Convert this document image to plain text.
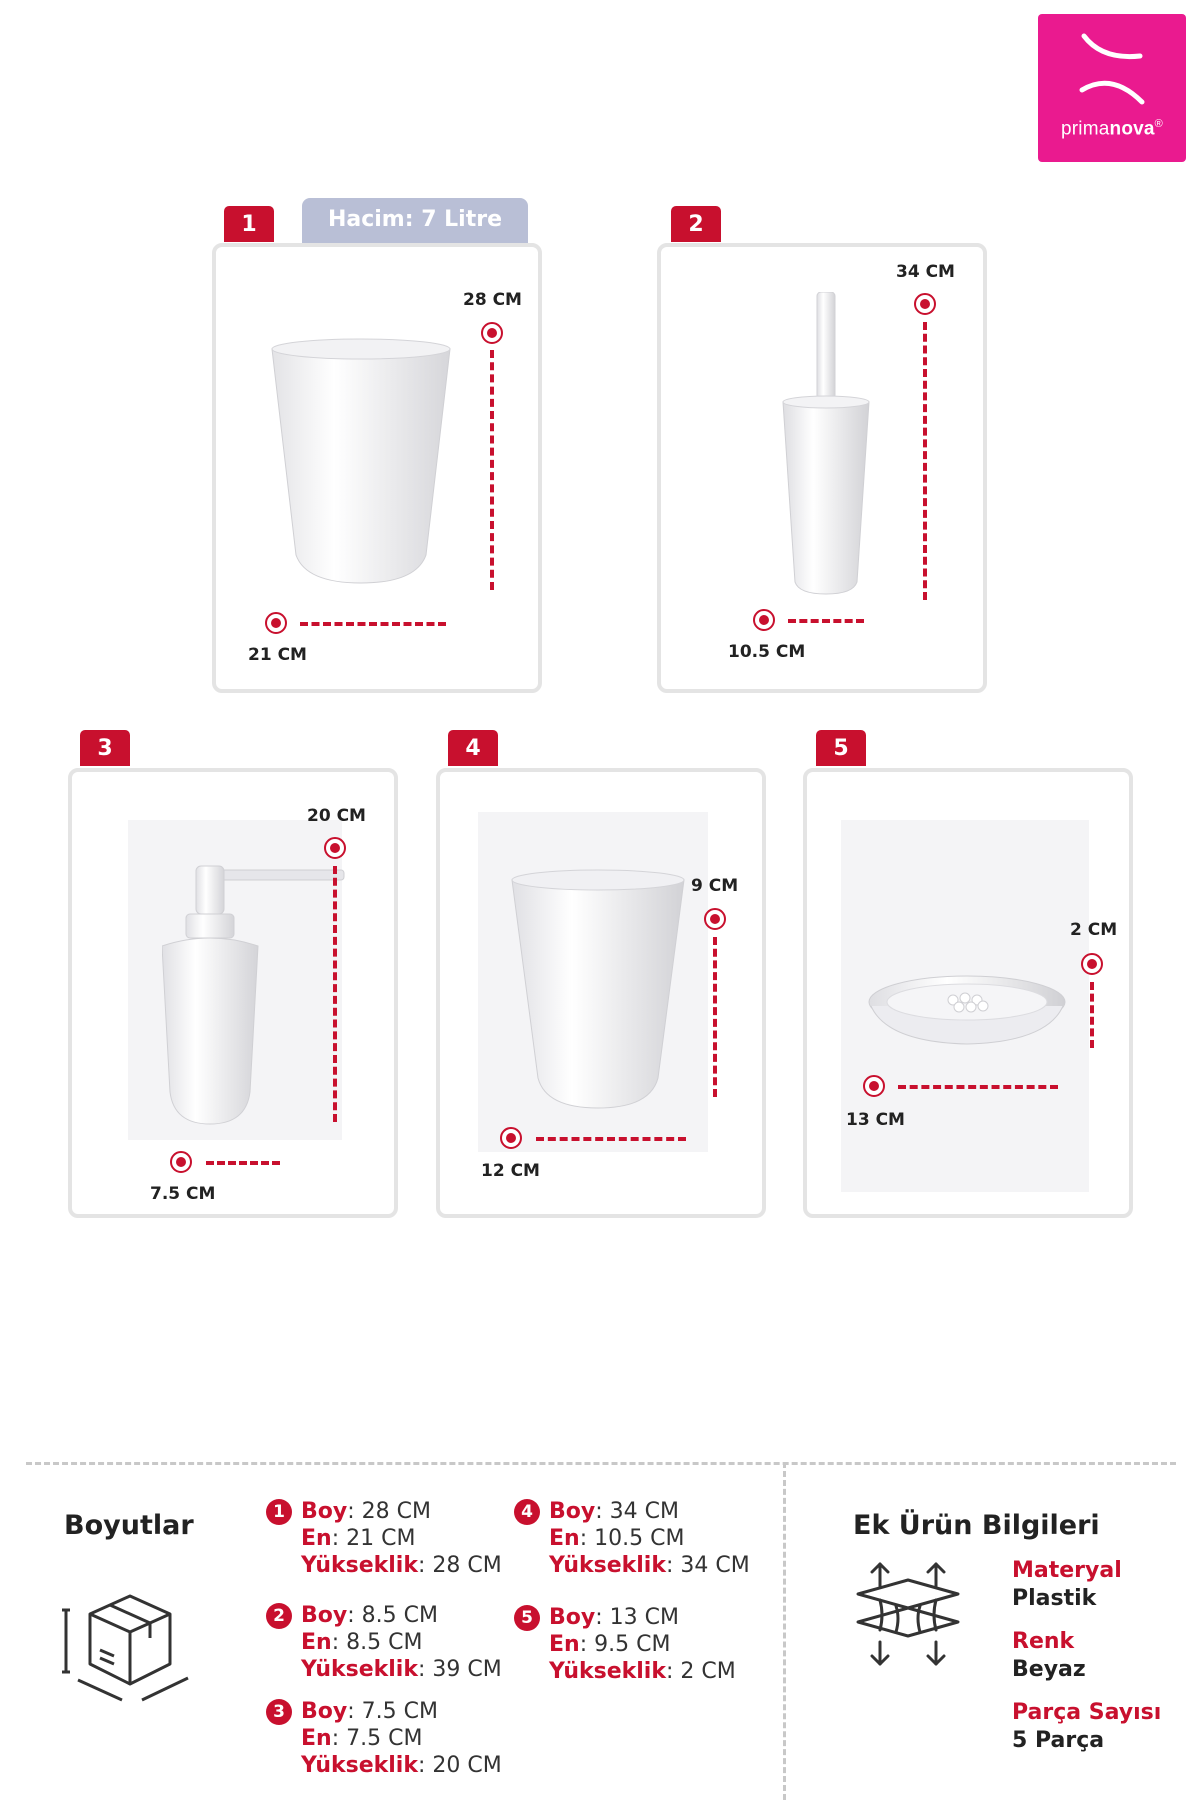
primanova®
1	Hacim: 7 Litre
28 CM
21 CM
2
34 CM
10.5 CM
3
20 CM
7.5 CM
4
9 CM
12 CM
5
2 CM
13 CM
Boyutlar	1 Boy: 28 CM
En: 21 CM
Yükseklik: 28 CM
2 Boy: 8.5 CM
En: 8.5 CM
Yükseklik: 39 CM
3 Boy: 7.5 CM
En: 7.5 CM
Yükseklik: 20 CM
4 Boy: 34 CM
En: 10.5 CM
Yükseklik: 34 CM
5 Boy: 13 CM
En: 9.5 CM
Yükseklik: 2 CM
Ek Ürün Bilgileri
Materyal
Plastik
Renk
Beyaz
Parça Sayısı
5 Parça
